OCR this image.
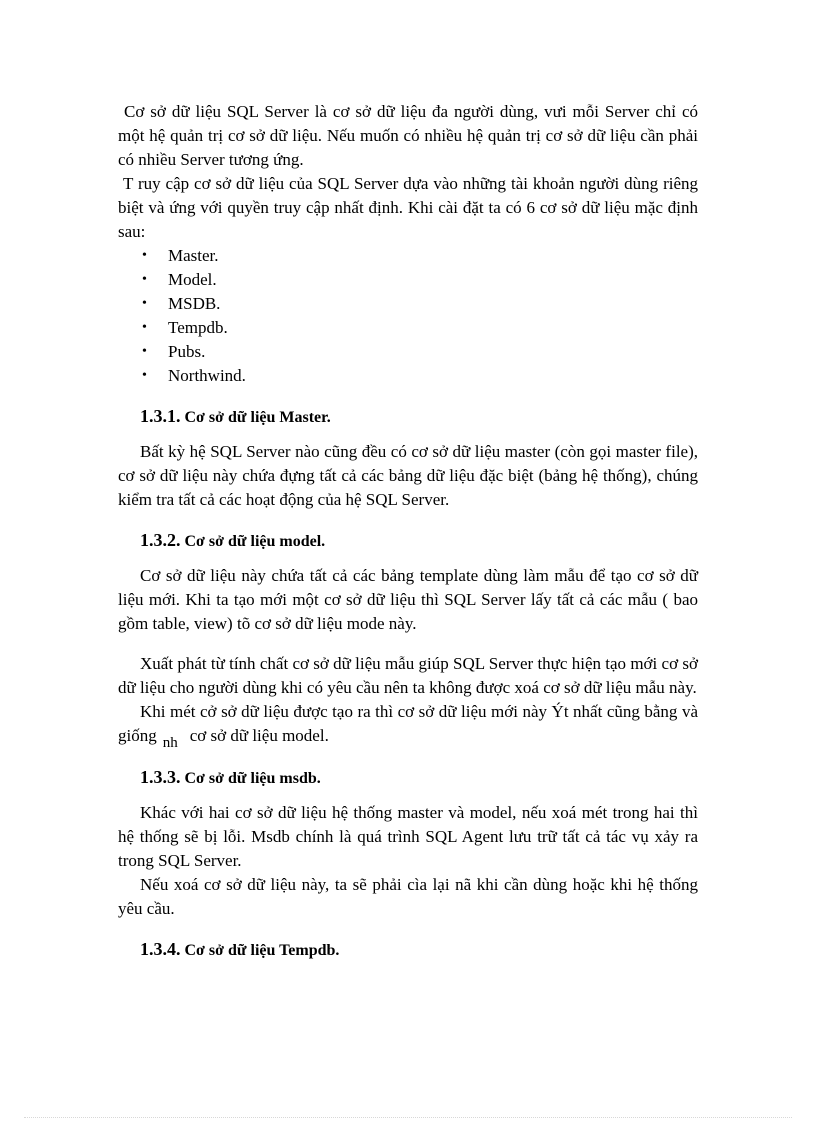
Cơ sở dữ liệu SQL Server là cơ sở dữ liệu đa người dùng, vưi mỗi Server chỉ có một hệ quản trị cơ sở dữ liệu. Nếu muốn có nhiều hệ quản trị cơ sở dữ liệu cần phải có nhiều Server tương ứng.

T ruy cập cơ sở dữ liệu của SQL Server dựa vào những tài khoản người dùng riêng biệt và ứng với quyền truy cập nhất định. Khi cài đặt ta có 6 cơ sở dữ liệu mặc định sau:

• Master.
• Model.
• MSDB.
• Tempdb.
• Pubs.
• Northwind.
1.3.1. Cơ sở dữ liệu Master.

Bất kỳ hệ SQL Server nào cũng đều có cơ sở dữ liệu master (còn gọi master file), cơ sở dữ liệu này chứa đựng tất cả các bảng dữ liệu đặc biệt (bảng hệ thống), chúng kiểm tra tất cả các hoạt động của hệ SQL Server.

1.3.2. Cơ sở dữ liệu model.

Cơ sở dữ liệu này chứa tất cả các bảng template dùng làm mẫu để tạo cơ sở dữ liệu mới. Khi ta tạo mới một cơ sở dữ liệu thì SQL Server lấy tất cả các mẫu ( bao gồm table, view) tõ cơ sở dữ liệu mode này.

Xuất phát từ tính chất cơ sở dữ liệu mẫu giúp SQL Server thực hiện tạo mới cơ sở dữ liệu cho người dùng khi có yêu cầu nên ta không được xoá cơ sở dữ liệu mẫu này.

Khi mét cở sở dữ liệu được tạo ra thì cơ sở dữ liệu mới này Ýt nhất cũng bằng và giống nh cơ sở dữ liệu model.

1.3.3. Cơ sở dữ liệu msdb.

Khác với hai cơ sở dữ liệu hệ thống master và model, nếu xoá mét trong hai thì hệ thống sẽ bị lỗi. Msdb chính là quá trình SQL Agent lưu trữ tất cả tác vụ xảy ra trong SQL Server.

Nếu xoá cơ sở dữ liệu này, ta sẽ phải cìa lại nã khi cần dùng hoặc khi hệ thống yêu cầu.

1.3.4. Cơ sở dữ liệu Tempdb.
